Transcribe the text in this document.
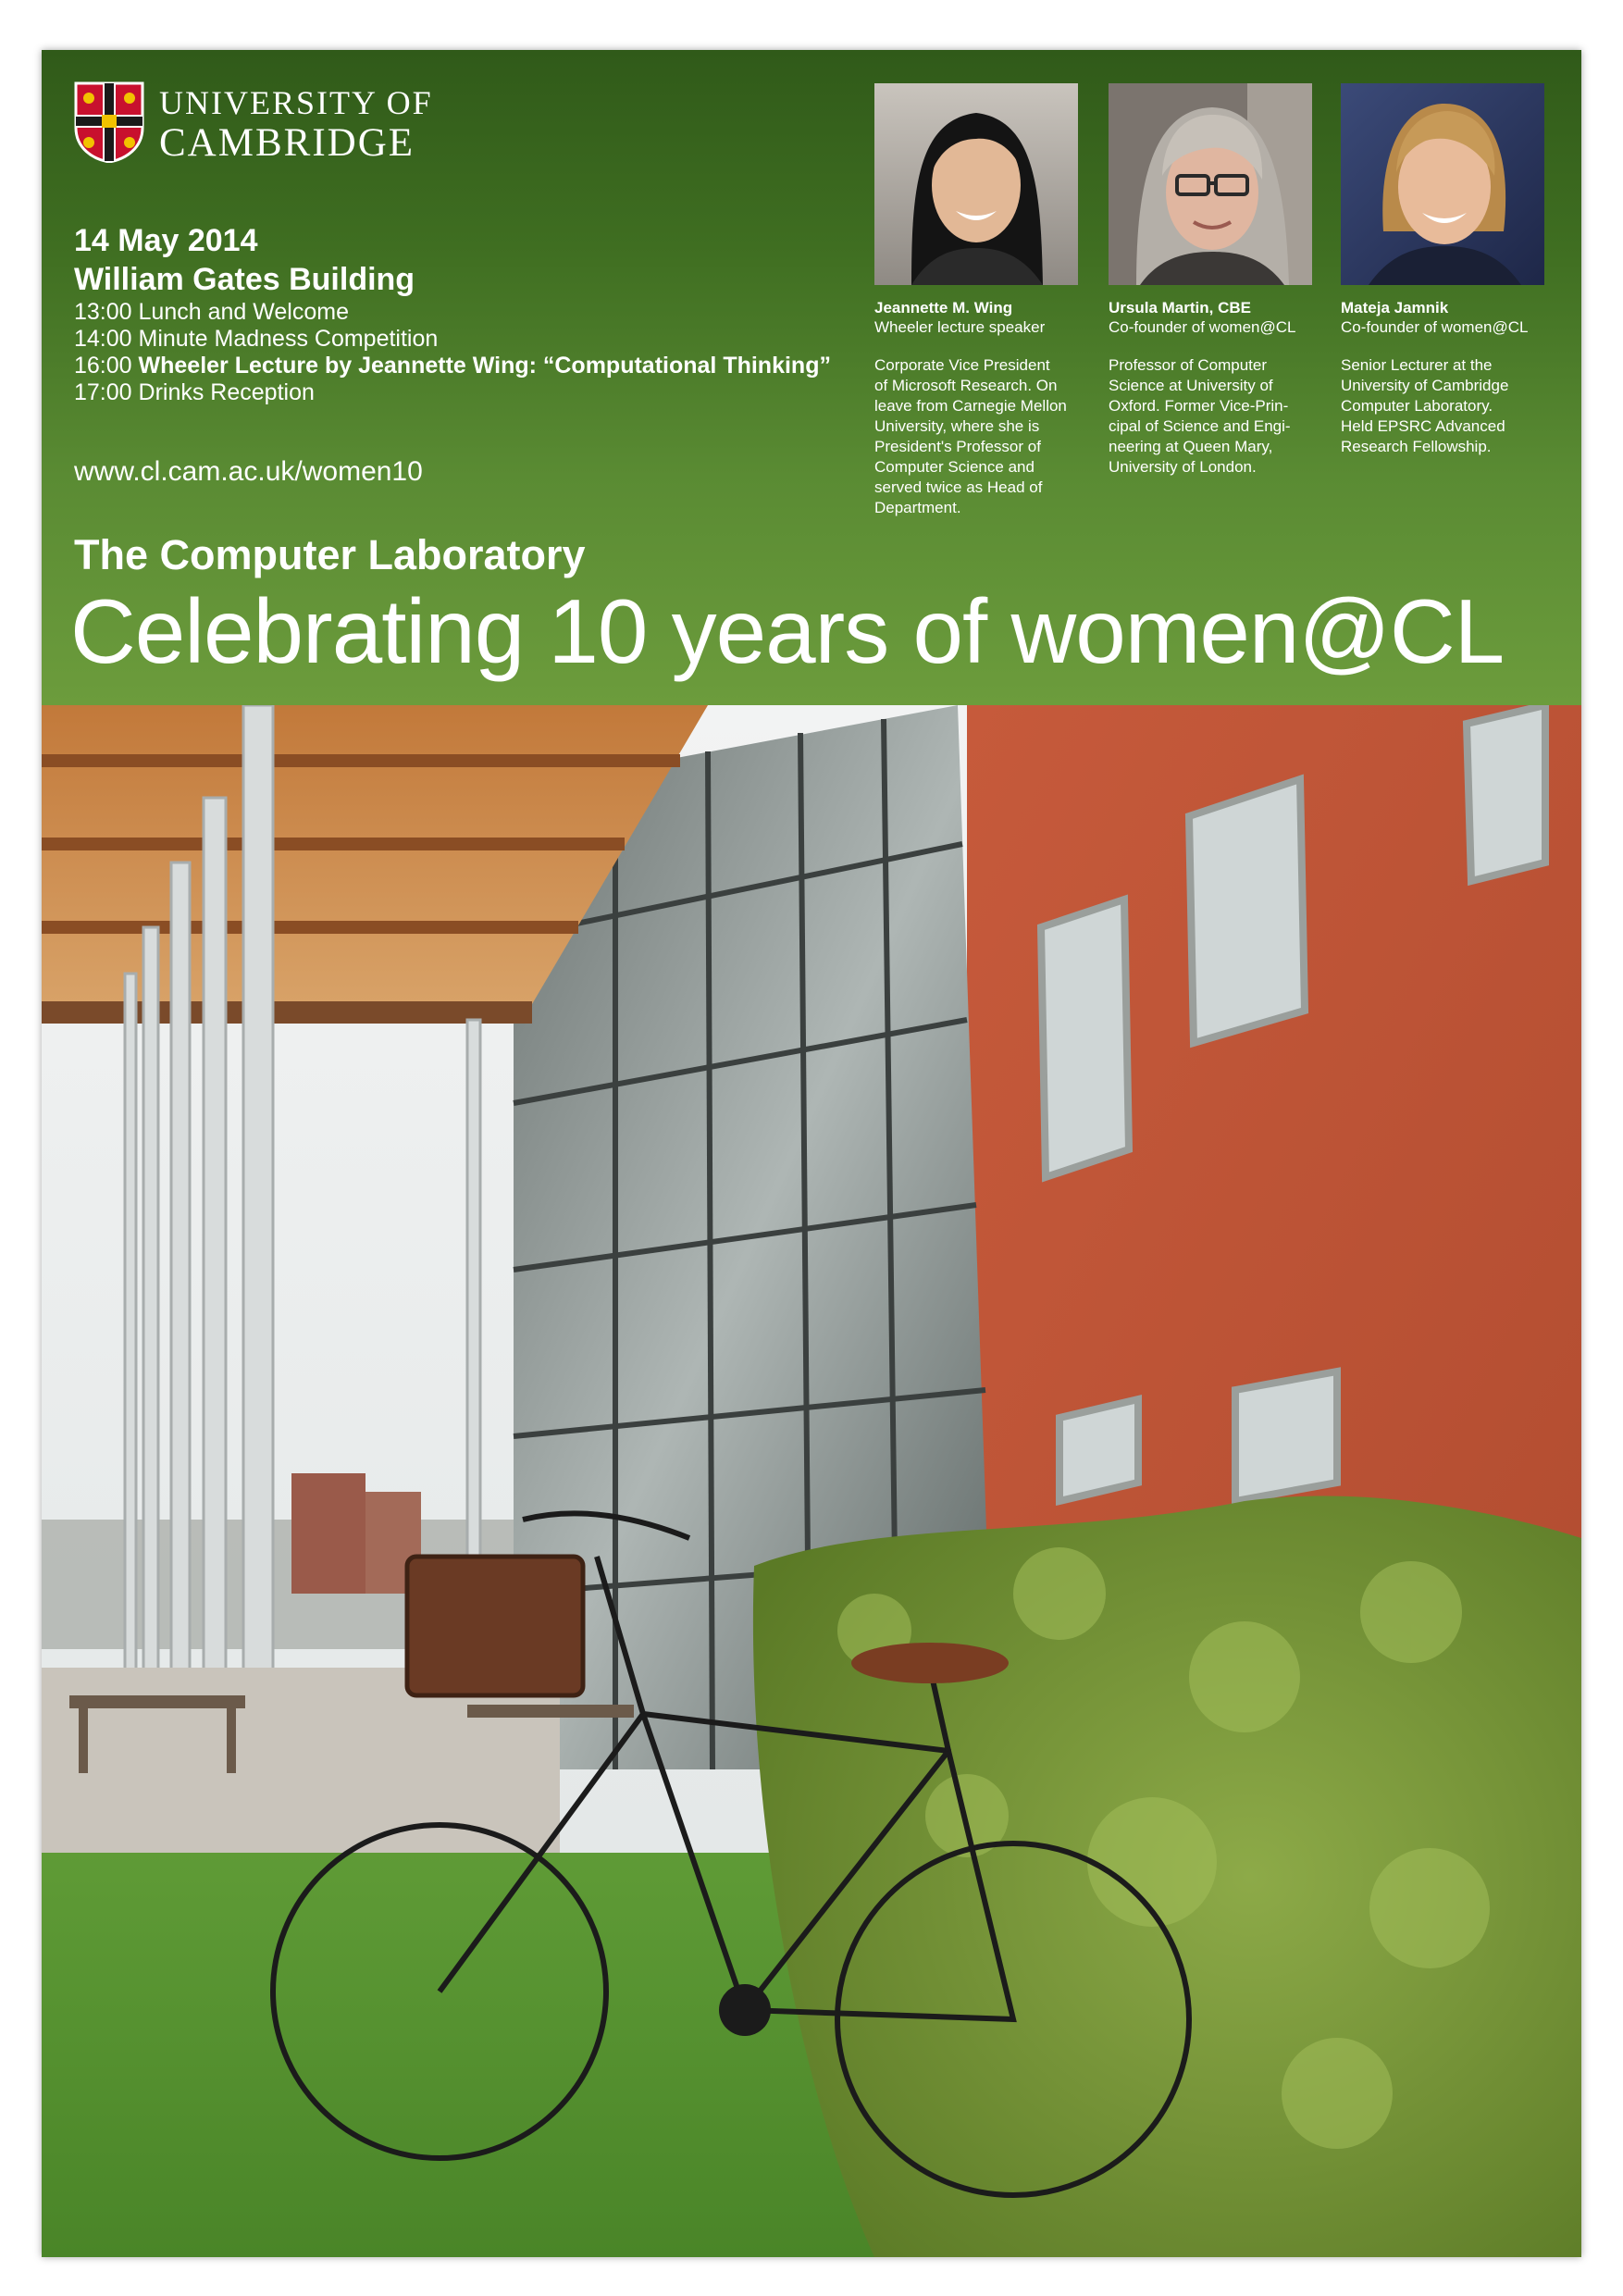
UNIVERSITY OF
CAMBRIDGE
14 May 2014
William Gates Building
13:00 Lunch and Welcome
14:00 Minute Madness Competition
16:00 Wheeler Lecture by Jeannette Wing: “Computational Thinking”
17:00 Drinks Reception
www.cl.cam.ac.uk/women10
Jeannette M. Wing
Wheeler lecture speaker
Corporate Vice President
of Microsoft Research. On
leave from Carnegie Mellon
University, where she is
President's Professor of
Computer Science and
served twice as Head of
Department.
Ursula Martin, CBE
Co-founder of women@CL
Professor of Computer
Science at University of
Oxford. Former Vice-Prin-
cipal of Science and Engi-
neering at Queen Mary,
University of London.
Mateja Jamnik
Co-founder of women@CL
Senior Lecturer at the
University of Cambridge
Computer Laboratory.
Held EPSRC Advanced
Research Fellowship.
The Computer Laboratory
Celebrating 10 years of women@CL
